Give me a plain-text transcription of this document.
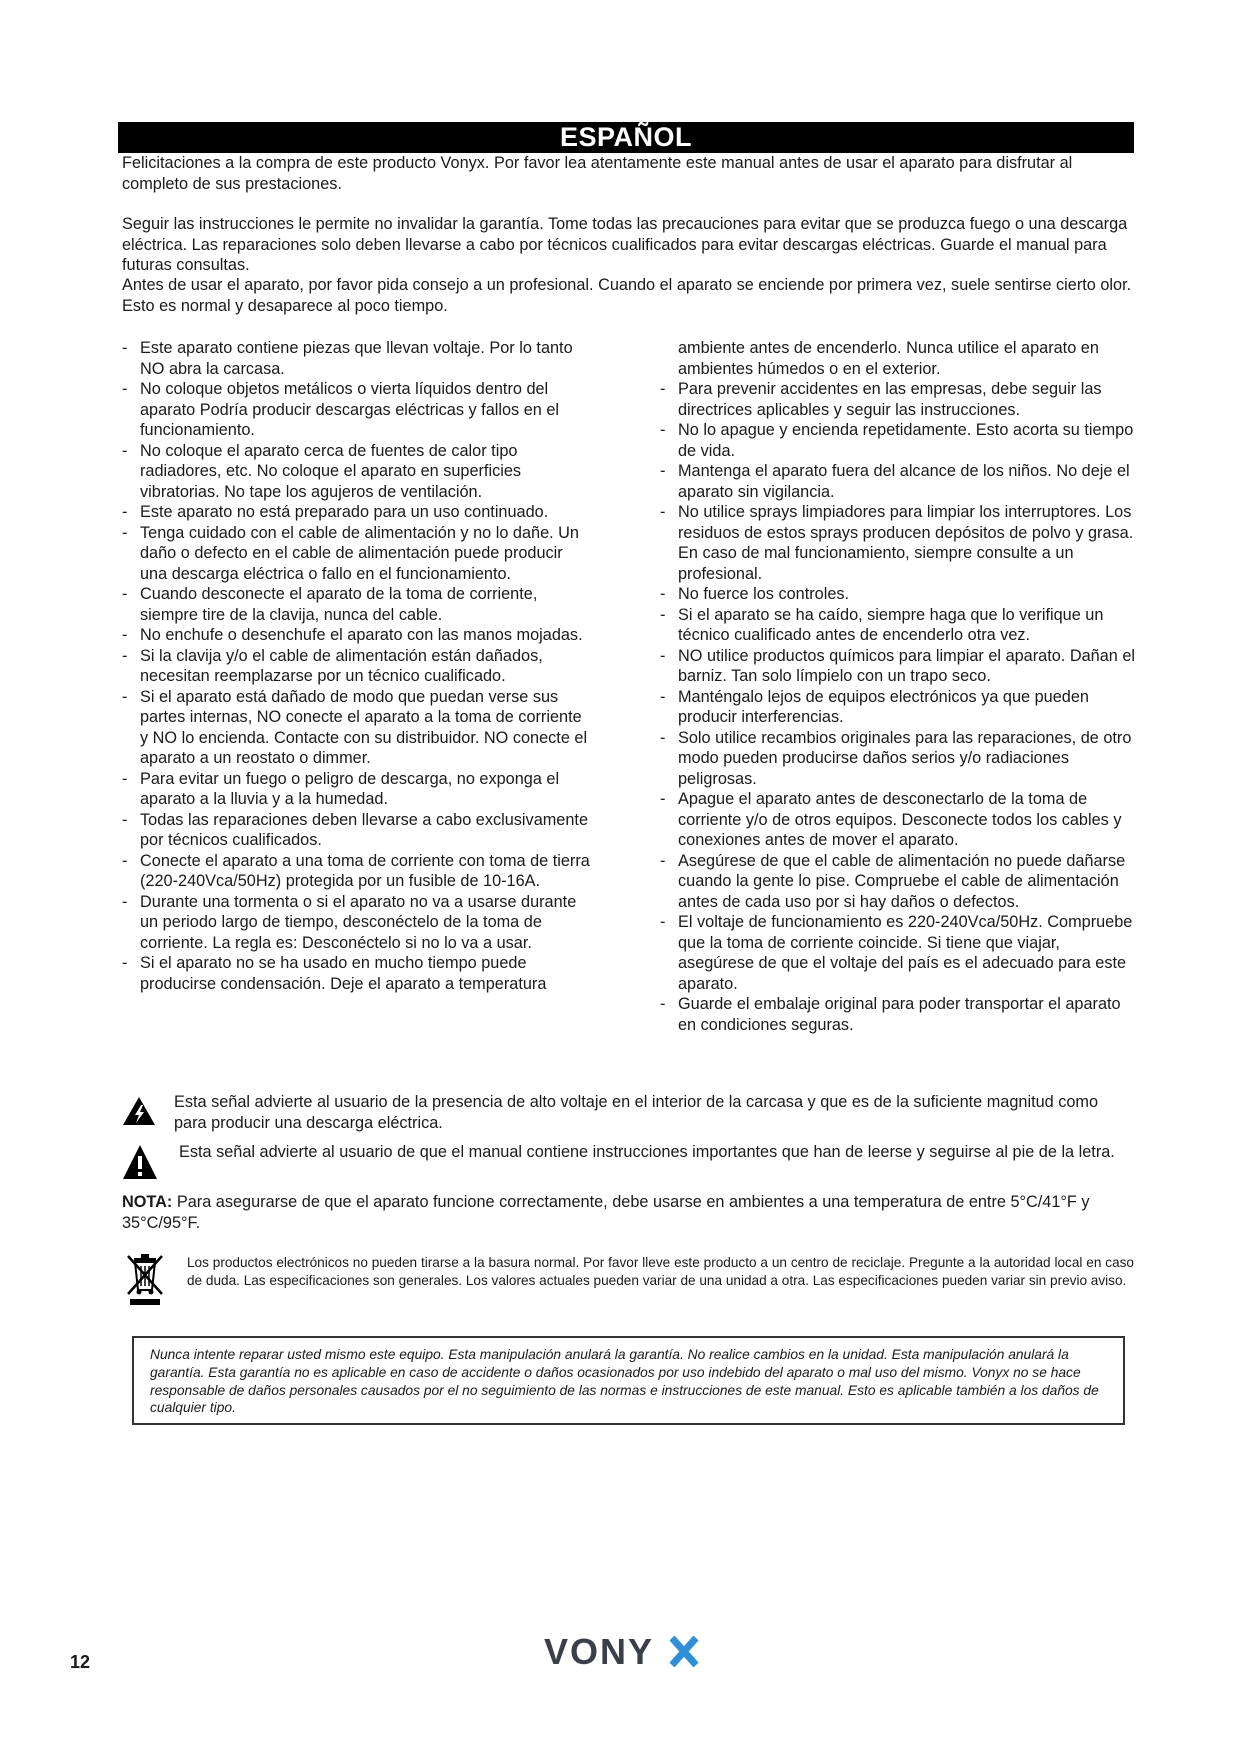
ESPAÑOL

Felicitaciones a la compra de este producto Vonyx. Por favor lea atentamente este manual antes de usar el aparato para disfrutar al completo de sus prestaciones.

Seguir las instrucciones le permite no invalidar la garantía. Tome todas las precauciones para evitar que se produzca fuego o una descarga eléctrica. Las reparaciones solo deben llevarse a cabo por técnicos cualificados para evitar descargas eléctricas. Guarde el manual para futuras consultas.

Antes de usar el aparato, por favor pida consejo a un profesional. Cuando el aparato se enciende por primera vez, suele sentirse cierto olor. Esto es normal y desaparece al poco tiempo.

- Este aparato contiene piezas que llevan voltaje. Por lo tanto NO abra la carcasa.
- No coloque objetos metálicos o vierta líquidos dentro del aparato Podría producir descargas eléctricas y fallos en el funcionamiento.
- No coloque el aparato cerca de fuentes de calor tipo radiadores, etc. No coloque el aparato en superficies vibratorias. No tape los agujeros de ventilación.
- Este aparato no está preparado para un uso continuado.
- Tenga cuidado con el cable de alimentación y no lo dañe. Un daño o defecto en el cable de alimentación puede producir una descarga eléctrica o fallo en el funcionamiento.
- Cuando desconecte el aparato de la toma de corriente, siempre tire de la clavija, nunca del cable.
- No enchufe o desenchufe el aparato con las manos mojadas.
- Si la clavija y/o el cable de alimentación están dañados, necesitan reemplazarse por un técnico cualificado.
- Si el aparato está dañado de modo que puedan verse sus partes internas, NO conecte el aparato a la toma de corriente y NO lo encienda. Contacte con su distribuidor. NO conecte el aparato a un reostato o dimmer.
- Para evitar un fuego o peligro de descarga, no exponga el aparato a la lluvia y a la humedad.
- Todas las reparaciones deben llevarse a cabo exclusivamente por técnicos cualificados.
- Conecte el aparato a una toma de corriente con toma de tierra (220-240Vca/50Hz) protegida por un fusible de 10-16A.
- Durante una tormenta o si el aparato no va a usarse durante un periodo largo de tiempo, desconéctelo de la toma de corriente. La regla es: Desconéctelo si no lo va a usar.
- Si el aparato no se ha usado en mucho tiempo puede producirse condensación. Deje el aparato a temperatura
ambiente antes de encenderlo. Nunca utilice el aparato en ambientes húmedos o en el exterior.
- Para prevenir accidentes en las empresas, debe seguir las directrices aplicables y seguir las instrucciones.
- No lo apague y encienda repetidamente. Esto acorta su tiempo de vida.
- Mantenga el aparato fuera del alcance de los niños. No deje el aparato sin vigilancia.
- No utilice sprays limpiadores para limpiar los interruptores. Los residuos de estos sprays producen depósitos de polvo y grasa. En caso de mal funcionamiento, siempre consulte a un profesional.
- No fuerce los controles.
- Si el aparato se ha caído, siempre haga que lo verifique un técnico cualificado antes de encenderlo otra vez.
- NO utilice productos químicos para limpiar el aparato. Dañan el barniz. Tan solo límpielo con un trapo seco.
- Manténgalo lejos de equipos electrónicos ya que pueden producir interferencias.
- Solo utilice recambios originales para las reparaciones, de otro modo pueden producirse daños serios y/o radiaciones peligrosas.
- Apague el aparato antes de desconectarlo de la toma de corriente y/o de otros equipos. Desconecte todos los cables y conexiones antes de mover el aparato.
- Asegúrese de que el cable de alimentación no puede dañarse cuando la gente lo pise. Compruebe el cable de alimentación antes de cada uso por si hay daños o defectos.
- El voltaje de funcionamiento es 220-240Vca/50Hz. Compruebe que la toma de corriente coincide. Si tiene que viajar, asegúrese de que el voltaje del país es el adecuado para este aparato.
- Guarde el embalaje original para poder transportar el aparato en condiciones seguras.
Esta señal advierte al usuario de la presencia de alto voltaje en el interior de la carcasa y que es de la suficiente magnitud como para producir una descarga eléctrica.
Esta señal advierte al usuario de que el manual contiene instrucciones importantes que han de leerse y seguirse al pie de la letra.

NOTA: Para asegurarse de que el aparato funcione correctamente, debe usarse en ambientes a una temperatura de entre 5°C/41°F y 35°C/95°F.

Los productos electrónicos no pueden tirarse a la basura normal. Por favor lleve este producto a un centro de reciclaje. Pregunte a la autoridad local en caso de duda. Las especificaciones son generales. Los valores actuales pueden variar de una unidad a otra. Las especificaciones pueden variar sin previo aviso.
Nunca intente reparar usted mismo este equipo. Esta manipulación anulará la garantía. No realice cambios en la unidad. Esta manipulación anulará la garantía. Esta garantía no es aplicable en caso de accidente o daños ocasionados por uso indebido del aparato o mal uso del mismo. Vonyx no se hace responsable de daños personales causados por el no seguimiento de las normas e instrucciones de este manual. Esto es aplicable también a los daños de cualquier tipo.
12	VONY
